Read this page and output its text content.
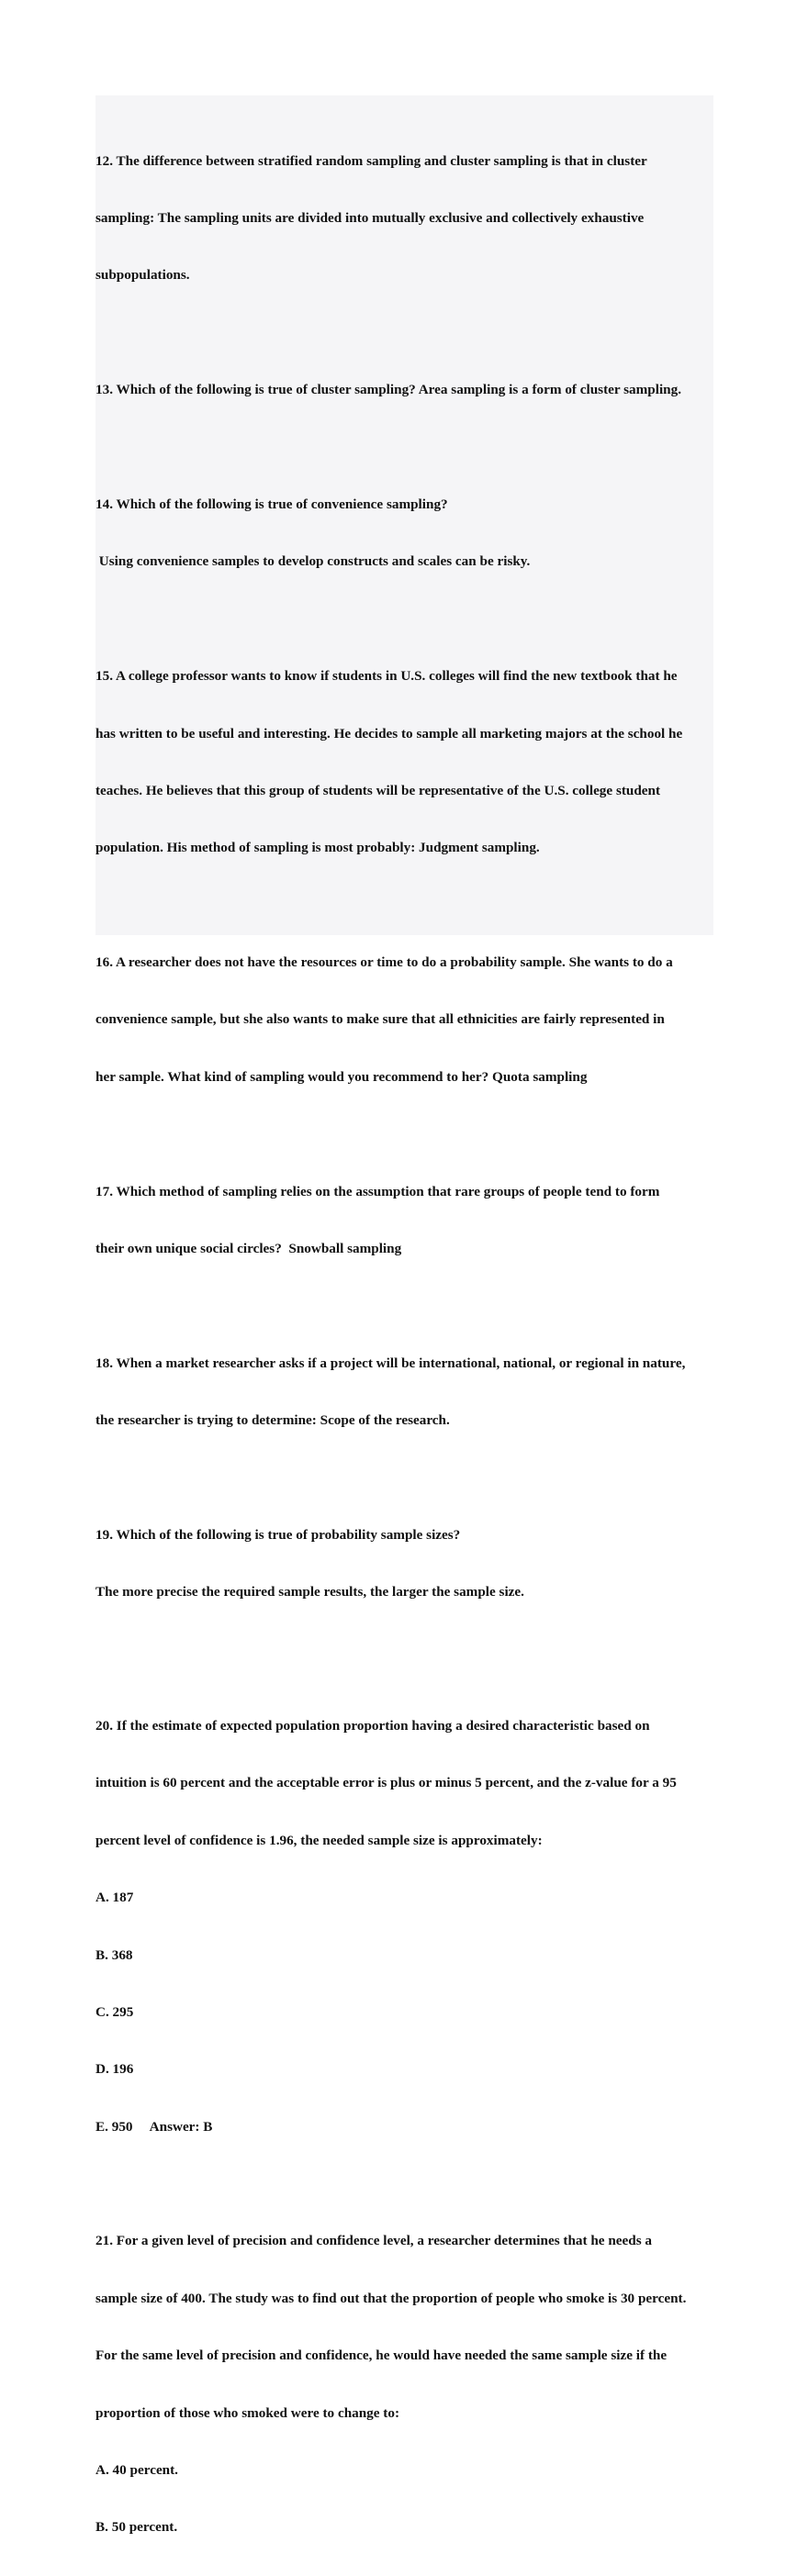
12. The difference between stratified random sampling and cluster sampling is that in cluster

sampling: The sampling units are divided into mutually exclusive and collectively exhaustive

subpopulations.

13. Which of the following is true of cluster sampling? Area sampling is a form of cluster sampling.

14. Which of the following is true of convenience sampling?

Using convenience samples to develop constructs and scales can be risky.

15. A college professor wants to know if students in U.S. colleges will find the new textbook that he

has written to be useful and interesting. He decides to sample all marketing majors at the school he

teaches. He believes that this group of students will be representative of the U.S. college student

population. His method of sampling is most probably: Judgment sampling.

16. A researcher does not have the resources or time to do a probability sample. She wants to do a

convenience sample, but she also wants to make sure that all ethnicities are fairly represented in

her sample. What kind of sampling would you recommend to her? Quota sampling

17. Which method of sampling relies on the assumption that rare groups of people tend to form

their own unique social circles?  Snowball sampling

18. When a market researcher asks if a project will be international, national, or regional in nature,

the researcher is trying to determine: Scope of the research.

19. Which of the following is true of probability sample sizes?

The more precise the required sample results, the larger the sample size.

20. If the estimate of expected population proportion having a desired characteristic based on

intuition is 60 percent and the acceptable error is plus or minus 5 percent, and the z-value for a 95

percent level of confidence is 1.96, the needed sample size is approximately:

A. 187

B. 368

C. 295

D. 196

E. 950     Answer: B

21. For a given level of precision and confidence level, a researcher determines that he needs a

sample size of 400. The study was to find out that the proportion of people who smoke is 30 percent.

For the same level of precision and confidence, he would have needed the same sample size if the

proportion of those who smoked were to change to:

A. 40 percent.

B. 50 percent.
